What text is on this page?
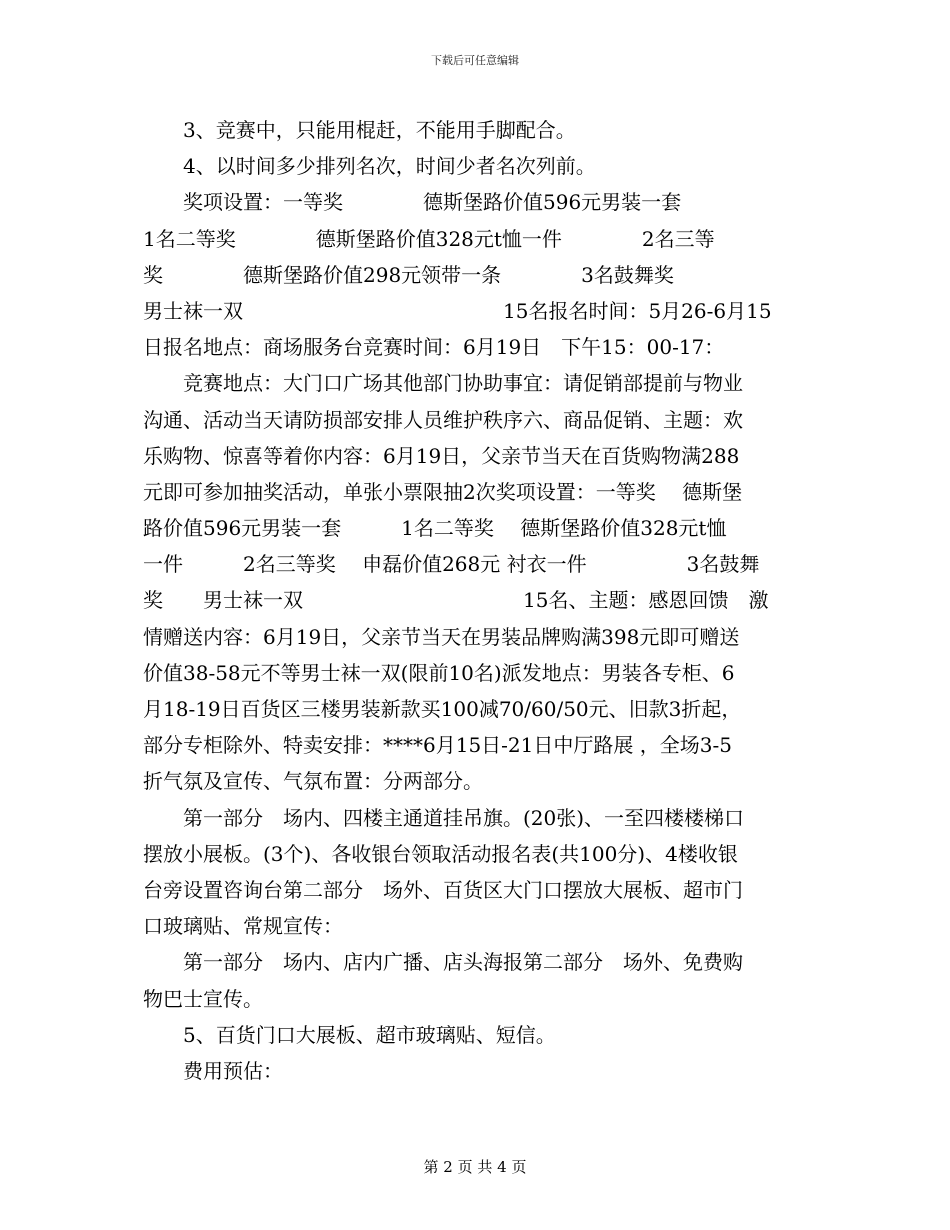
下载后可任意编辑
　　3、竞赛中，只能用棍赶，不能用手脚配合。
　　4、以时间多少排列名次，时间少者名次列前。
　　奖项设置：一等奖　　　　德斯堡路价值596元男装一套
1名二等奖　　　　德斯堡路价值328元t恤一件　　　　2名三等
奖　　　　德斯堡路价值298元领带一条　　　　3名鼓舞奖
男士袜一双　　　　　　　　　　　　　15名报名时间：5月26-6月15
日报名地点：商场服务台竞赛时间：6月19日　下午15：00-17：
　　竞赛地点：大门口广场其他部门协助事宜：请促销部提前与物业
沟通、活动当天请防损部安排人员维护秩序六、商品促销、主题：欢
乐购物、惊喜等着你内容：6月19日，父亲节当天在百货购物满288
元即可参加抽奖活动，单张小票限抽2次奖项设置：一等奖　 德斯堡
路价值596元男装一套　　　1名二等奖　 德斯堡路价值328元t恤
一件　　　2名三等奖　 申磊价值268元 衬衣一件　　　　　3名鼓舞
奖　　男士袜一双　　　　　　　　　　　15名、主题：感恩回馈　激
情赠送内容：6月19日，父亲节当天在男装品牌购满398元即可赠送
价值38-58元不等男士袜一双(限前10名)派发地点：男装各专柜、6
月18-19日百货区三楼男装新款买100减70/60/50元、旧款3折起，
部分专柜除外、特卖安排：****6月15日-21日中厅路展 ，全场3-5
折气氛及宣传、气氛布置：分两部分。
　　第一部分　场内、四楼主通道挂吊旗。(20张)、一至四楼楼梯口
摆放小展板。(3个)、各收银台领取活动报名表(共100分)、4楼收银
台旁设置咨询台第二部分　场外、百货区大门口摆放大展板、超市门
口玻璃贴、常规宣传：
　　第一部分　场内、店内广播、店头海报第二部分　场外、免费购
物巴士宣传。
　　5、百货门口大展板、超市玻璃贴、短信。
　　费用预估：
第 2 页 共 4 页
